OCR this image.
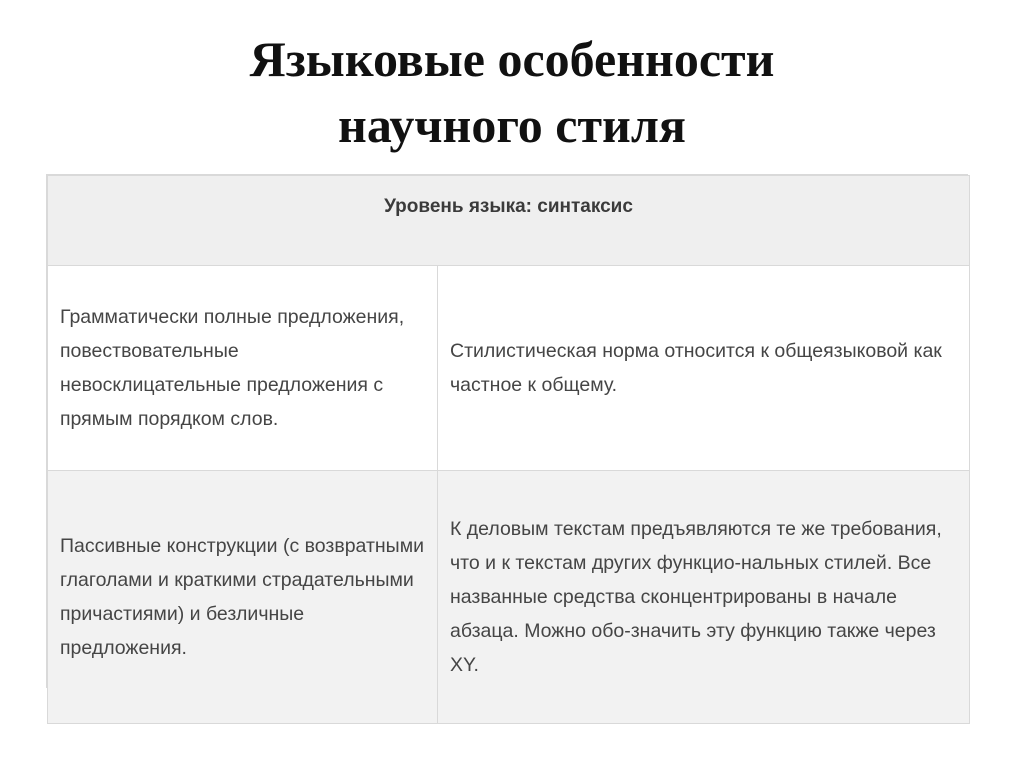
Языковые особенности
научного стиля
Уровень языка: синтаксис	
Грамматически полные предложения, повествовательные невосклицательные предложения с прямым порядком слов.	Стилистическая норма относится к общеязыковой как частное к общему.
Пассивные конструкции (с возвратными глаголами и краткими страдательными причастиями) и безличные предложения.	К деловым текстам предъявляются те же требования, что и к текстам других функцио-нальных стилей. Все названные средства сконцентрированы в начале абзаца. Можно обо-значить эту функцию также через XY.
